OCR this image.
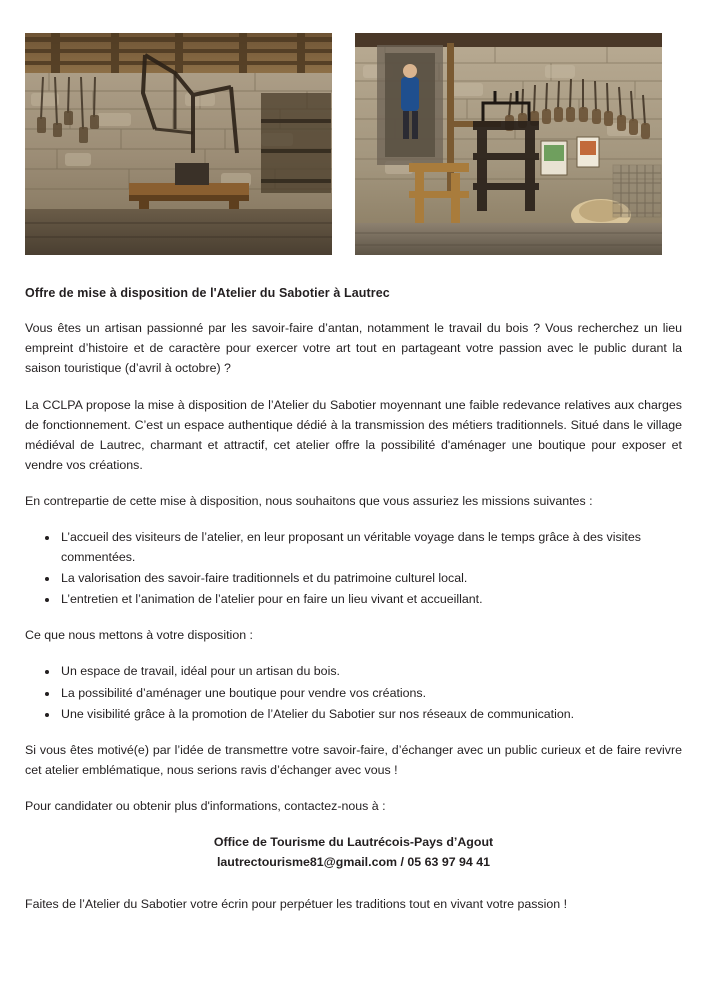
Offre de mise à disposition de l'Atelier du Sabotier à Lautrec

Vous êtes un artisan passionné par les savoir-faire d’antan, notamment le travail du bois ? Vous recherchez un lieu empreint d’histoire et de caractère pour exercer votre art tout en partageant votre passion avec le public durant la saison touristique (d’avril à octobre) ?

La CCLPA propose la mise à disposition de l’Atelier du Sabotier moyennant une faible redevance relatives aux charges de fonctionnement. C’est un espace authentique dédié à la transmission des métiers traditionnels. Situé dans le village médiéval de Lautrec, charmant et attractif, cet atelier offre la possibilité d'aménager une boutique pour exposer et vendre vos créations.

En contrepartie de cette mise à disposition, nous souhaitons que vous assuriez les missions suivantes :

• L’accueil des visiteurs de l’atelier, en leur proposant un véritable voyage dans le temps grâce à des visites commentées.
• La valorisation des savoir-faire traditionnels et du patrimoine culturel local.
• L’entretien et l’animation de l’atelier pour en faire un lieu vivant et accueillant.

Ce que nous mettons à votre disposition :

• Un espace de travail, idéal pour un artisan du bois.
• La possibilité d’aménager une boutique pour vendre vos créations.
• Une visibilité grâce à la promotion de l’Atelier du Sabotier sur nos réseaux de communication.

Si vous êtes motivé(e) par l’idée de transmettre votre savoir-faire, d’échanger avec un public curieux et de faire revivre cet atelier emblématique, nous serions ravis d’échanger avec vous !

Pour candidater ou obtenir plus d'informations, contactez-nous à :

Office de Tourisme du Lautrécois-Pays d’Agout
lautrectourisme81@gmail.com / 05 63 97 94 41

Faites de l’Atelier du Sabotier votre écrin pour perpétuer les traditions tout en vivant votre passion !
